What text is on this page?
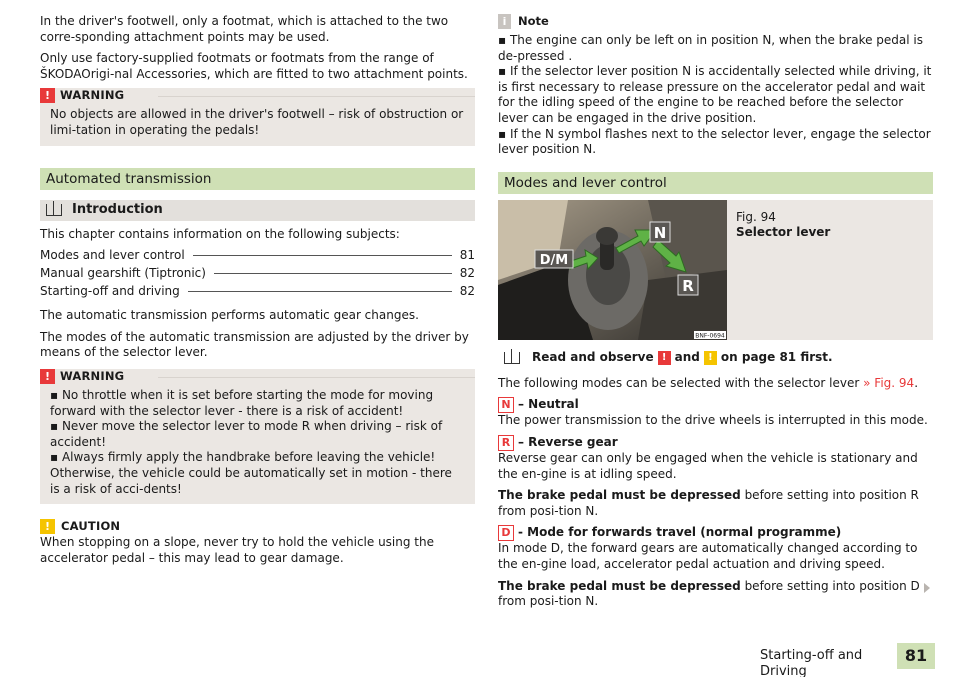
In the driver's footwell, only a footmat, which is attached to the two corre-sponding attachment points may be used.

Only use factory-supplied footmats or footmats from the range of ŠKODAOrigi-nal Accessories, which are fitted to two attachment points.

! WARNING
No objects are allowed in the driver's footwell – risk of obstruction or limi-tation in operating the pedals!
Automated transmission
Introduction

This chapter contains information on the following subjects:

Modes and lever control	81
Manual gearshift (Tiptronic)	82
Starting-off and driving	82

The automatic transmission performs automatic gear changes.

The modes of the automatic transmission are adjusted by the driver by means of the selector lever.

! WARNING
▪ No throttle when it is set before starting the mode for moving forward with the selector lever - there is a risk of accident!
▪ Never move the selector lever to mode R when driving – risk of accident!
▪ Always firmly apply the handbrake before leaving the vehicle! Otherwise, the vehicle could be automatically set in motion - there is a risk of acci-dents!
! CAUTION

When stopping on a slope, never try to hold the vehicle using the accelerator pedal – this may lead to gear damage.

i	Note
▪ The engine can only be left on in position N, when the brake pedal is de-pressed .
▪ If the selector lever position N is accidentally selected while driving, it is first necessary to release pressure on the accelerator pedal and wait for the idling speed of the engine to be reached before the selector lever can be engaged in the drive position.
▪ If the N symbol flashes next to the selector lever, engage the selector lever position N.
Modes and lever control
N
D/M
R
BNF-0694
Fig. 94
Selector lever
Read and observe ! and ! on page 81 first.

The following modes can be selected with the selector lever » Fig. 94.

N – Neutral
The power transmission to the drive wheels is interrupted in this mode.
R – Reverse gear
Reverse gear can only be engaged when the vehicle is stationary and the en-gine is at idling speed.
The brake pedal must be depressed before setting into position R from posi-tion N.
D - Mode for forwards travel (normal programme)
In mode D, the forward gears are automatically changed according to the en-gine load, accelerator pedal actuation and driving speed.
The brake pedal must be depressed before setting into position D from posi-tion N.
Starting-off and Driving
81
